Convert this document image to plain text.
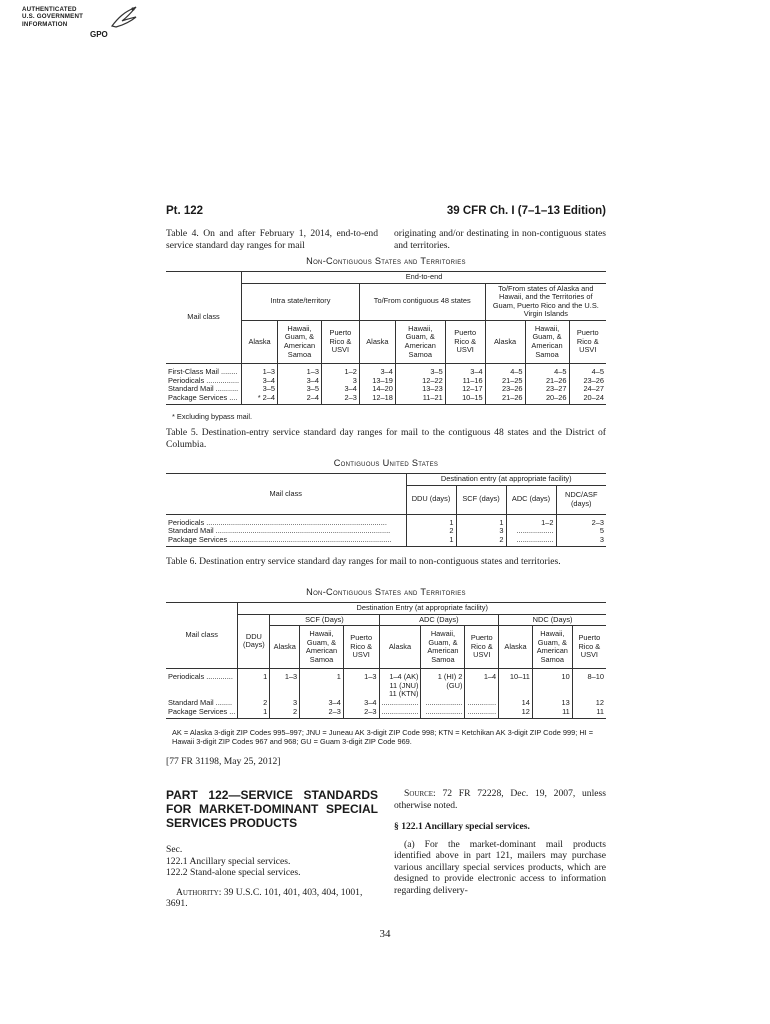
AUTHENTICATED
U.S. GOVERNMENT
INFORMATION
GPO
Pt. 122	39 CFR Ch. I (7–1–13 Edition)
Table 4. On and after February 1, 2014, end-to-end service standard day ranges for mail
originating and/or destinating in non-contiguous states and territories.
Non-Contiguous States and Territories
Mail class	End-to-end								
	Intra state/territory			To/From contiguous 48 states			To/From states of Alaska and Hawaii, and the Territories of Guam, Puerto Rico and the U.S. Virgin Islands		
	Alaska	Hawaii, Guam, & American Samoa	Puerto Rico & USVI	Alaska	Hawaii, Guam, & American Samoa	Puerto Rico & USVI	Alaska	Hawaii, Guam, & American Samoa	Puerto Rico & USVI
First-Class Mail ........	1–3	1–3	1–2	3–4	3–5	3–4	4–5	4–5	4–5
Periodicals ................	3–4	3–4	3	13–19	12–22	11–16	21–25	21–26	23–26
Standard Mail ...........	3–5	3–5	3–4	14–20	13–23	12–17	23–26	23–27	24–27
Package Services ....	* 2–4	2–4	2–3	12–18	11–21	10–15	21–26	20–26	20–24
* Excluding bypass mail.
Table 5. Destination-entry service standard day ranges for mail to the contiguous 48 states and the District of Columbia.
Contiguous United States
Mail class	Destination entry (at appropriate facility)			
	DDU (days)	SCF (days)	ADC (days)	NDC/ASF (days)
Periodicals ........................................................................................	1	1	1–2	2–3
Standard Mail .....................................................................................	2	3	..................	5
Package Services ...............................................................................	1	2	..................	3
Table 6. Destination entry service standard day ranges for mail to non-contiguous states and territories.
Non-Contiguous States and Territories
Mail class	Destination Entry (at appropriate facility)									
	DDU (Days)	SCF (Days)			ADC (Days)			NDC (Days)		
		Alaska	Hawaii, Guam, & American Samoa	Puerto Rico & USVI	Alaska	Hawaii, Guam, & American Samoa	Puerto Rico & USVI	Alaska	Hawaii, Guam, & American Samoa	Puerto Rico & USVI
Periodicals .............	1	1–3	1	1–3	1–4 (AK)	1 (HI) 2	1–4	10–11	10	8–10
					11 (JNU)	(GU)				
					11 (KTN)					
Standard Mail ........	2	3	3–4	3–4	..................	..................	..............	14	13	12
Package Services ...	1	2	2–3	2–3	..................	..................	..............	12	11	11
AK = Alaska 3-digit ZIP Codes 995–997; JNU = Juneau AK 3-digit ZIP Code 998; KTN = Ketchikan AK 3-digit ZIP Code 999; HI = Hawaii 3-digit ZIP Codes 967 and 968; GU = Guam 3-digit ZIP Code 969.
[77 FR 31198, May 25, 2012]
PART 122—SERVICE STANDARDS FOR MARKET-DOMINANT SPECIAL SERVICES PRODUCTS
Sec.
122.1 Ancillary special services.
122.2 Stand-alone special services.
Authority: 39 U.S.C. 101, 401, 403, 404, 1001, 3691.
Source: 72 FR 72228, Dec. 19, 2007, unless otherwise noted.
§ 122.1 Ancillary special services.
(a) For the market-dominant mail products identified above in part 121, mailers may purchase various ancillary special services products, which are designed to provide electronic access to information regarding delivery-
34
